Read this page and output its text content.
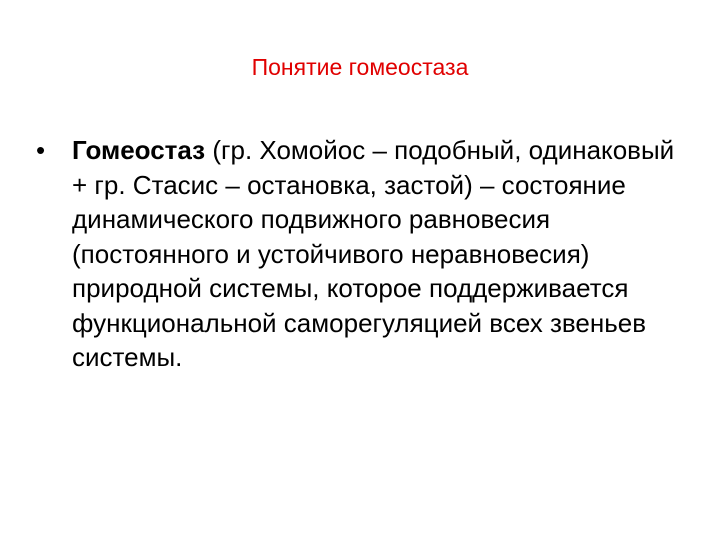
Понятие гомеостаза
•	Гомеостаз (гр. Хомойос – подобный, одинаковый + гр. Стасис – остановка, застой) – состояние динамического подвижного равновесия (постоянного и устойчивого неравновесия) природной системы, которое поддерживается функциональной саморегуляцией всех звеньев системы.
